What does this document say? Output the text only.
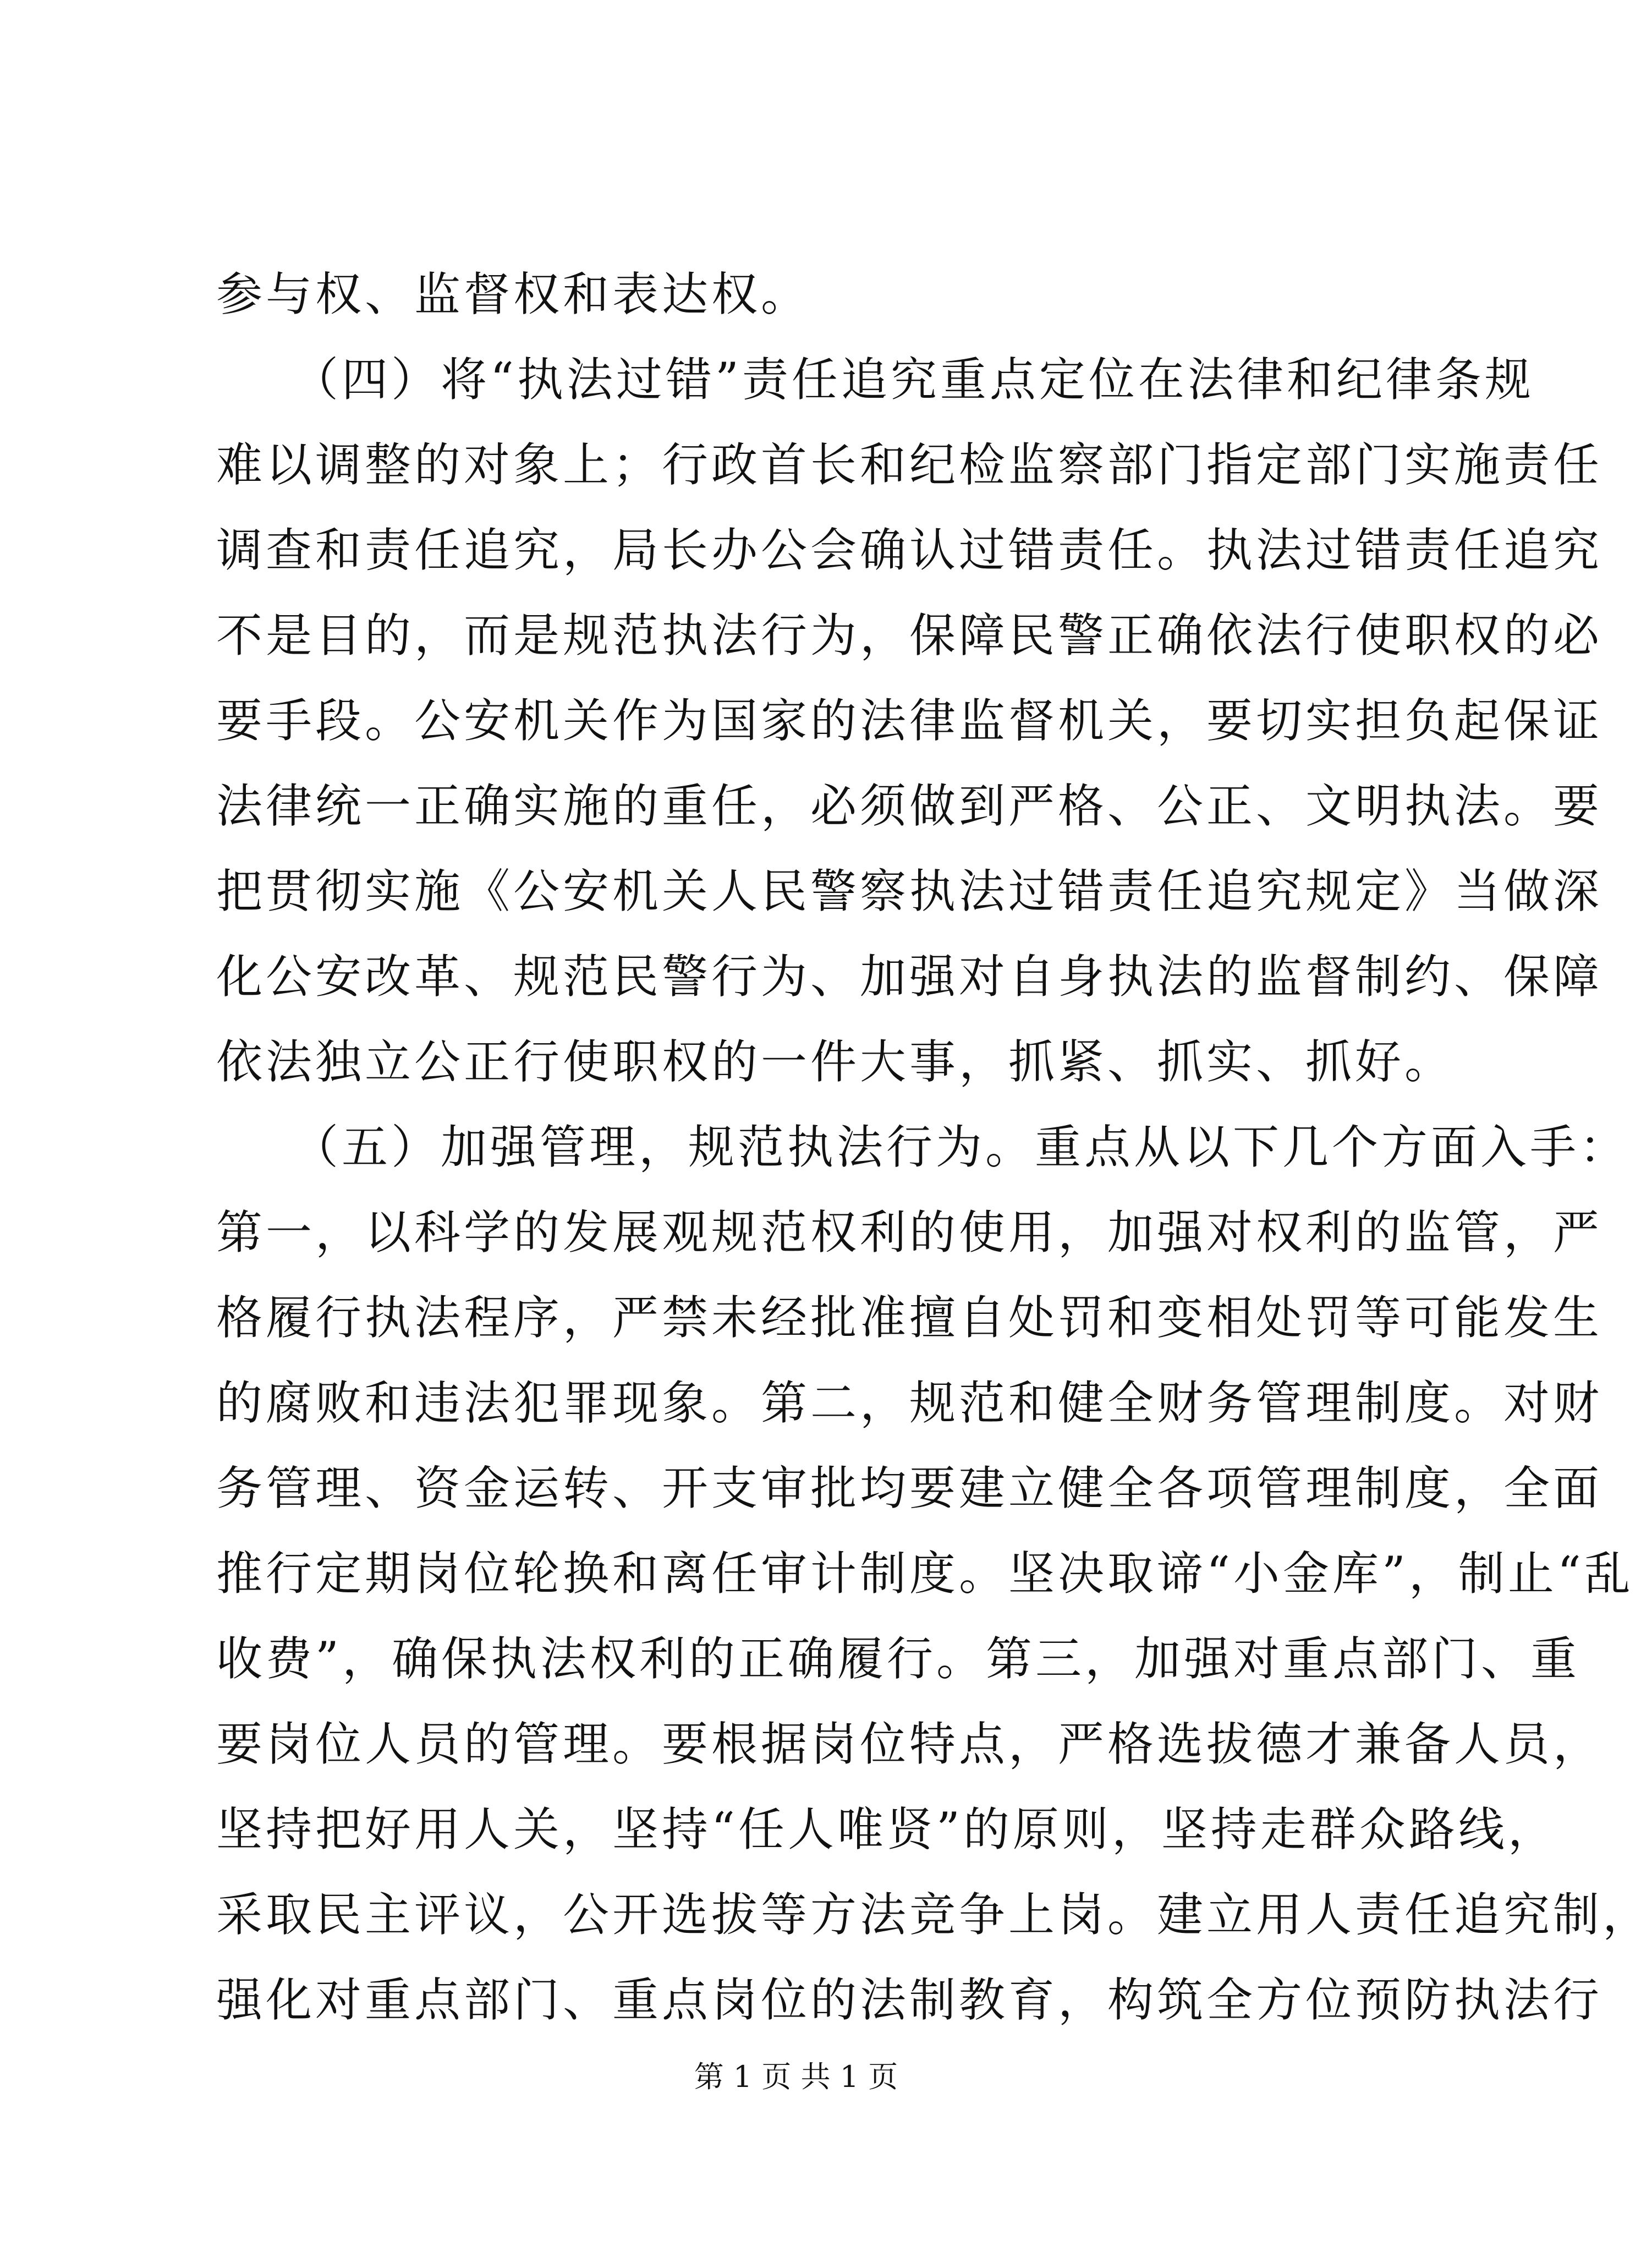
参与权、监督权和表达权。
　　（四）将“执法过错”责任追究重点定位在法律和纪律条规
难以调整的对象上；行政首长和纪检监察部门指定部门实施责任
调查和责任追究，局长办公会确认过错责任。执法过错责任追究
不是目的，而是规范执法行为，保障民警正确依法行使职权的必
要手段。公安机关作为国家的法律监督机关，要切实担负起保证
法律统一正确实施的重任，必须做到严格、公正、文明执法。要
把贯彻实施《公安机关人民警察执法过错责任追究规定》当做深
化公安改革、规范民警行为、加强对自身执法的监督制约、保障
依法独立公正行使职权的一件大事，抓紧、抓实、抓好。
　　（五）加强管理，规范执法行为。重点从以下几个方面入手：
第一，以科学的发展观规范权利的使用，加强对权利的监管，严
格履行执法程序，严禁未经批准擅自处罚和变相处罚等可能发生
的腐败和违法犯罪现象。第二，规范和健全财务管理制度。对财
务管理、资金运转、开支审批均要建立健全各项管理制度，全面
推行定期岗位轮换和离任审计制度。坚决取谛“小金库”，制止“乱
收费”，确保执法权利的正确履行。第三，加强对重点部门、重
要岗位人员的管理。要根据岗位特点，严格选拔德才兼备人员，
坚持把好用人关，坚持“任人唯贤”的原则，坚持走群众路线，
采取民主评议，公开选拔等方法竞争上岗。建立用人责任追究制，
强化对重点部门、重点岗位的法制教育，构筑全方位预防执法行
第 1 页 共 1 页
